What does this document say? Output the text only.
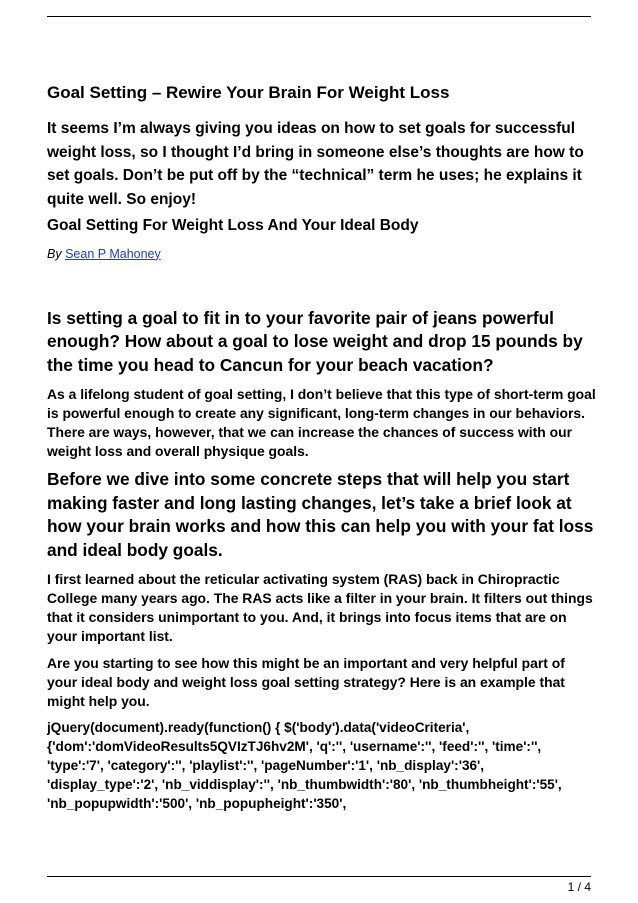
Goal Setting – Rewire Your Brain For Weight Loss

It seems I’m always giving you ideas on how to set goals for successful weight loss, so I thought I’d bring in someone else’s thoughts are how to set goals. Don’t be put off by the “technical” term he uses; he explains it quite well. So enjoy!

Goal Setting For Weight Loss And Your Ideal Body

By Sean P Mahoney

Is setting a goal to fit in to your favorite pair of jeans powerful enough? How about a goal to lose weight and drop 15 pounds by the time you head to Cancun for your beach vacation?

As a lifelong student of goal setting, I don’t believe that this type of short-term goal is powerful enough to create any significant, long-term changes in our behaviors. There are ways, however, that we can increase the chances of success with our weight loss and overall physique goals.

Before we dive into some concrete steps that will help you start making faster and long lasting changes, let’s take a brief look at how your brain works and how this can help you with your fat loss and ideal body goals.

I first learned about the reticular activating system (RAS) back in Chiropractic College many years ago. The RAS acts like a filter in your brain. It filters out things that it considers unimportant to you. And, it brings into focus items that are on your important list.

Are you starting to see how this might be an important and very helpful part of your ideal body and weight loss goal setting strategy? Here is an example that might help you.

jQuery(document).ready(function() { $('body').data('videoCriteria', {'dom':'domVideoResults5QVIzTJ6hv2M', 'q':'', 'username':'', 'feed':'', 'time':'', 'type':'7', 'category':'', 'playlist':'', 'pageNumber':'1', 'nb_display':'36', 'display_type':'2', 'nb_viddisplay':'', 'nb_thumbwidth':'80', 'nb_thumbheight':'55', 'nb_popupwidth':'500', 'nb_popupheight':'350',

1 / 4
